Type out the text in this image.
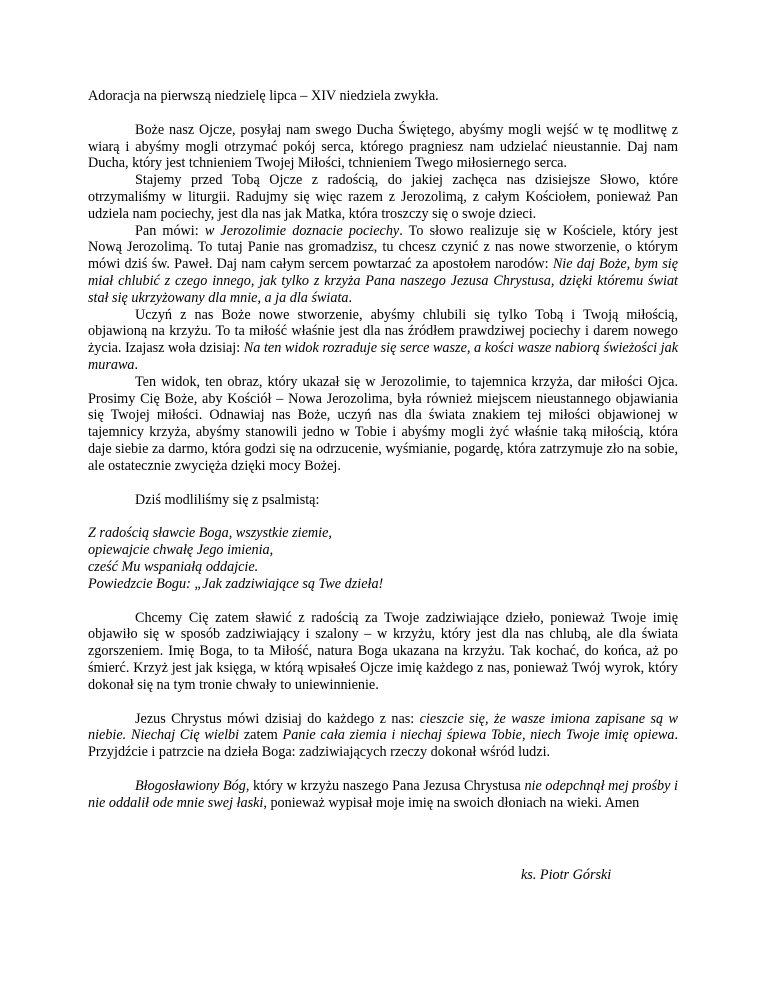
Adoracja na pierwszą niedzielę lipca – XIV niedziela zwykła.

Boże nasz Ojcze, posyłaj nam swego Ducha Świętego, abyśmy mogli wejść w tę modlitwę z wiarą i abyśmy mogli otrzymać pokój serca, którego pragniesz nam udzielać nieustannie. Daj nam Ducha, który jest tchnieniem Twojej Miłości, tchnieniem Twego miłosiernego serca.

Stajemy przed Tobą Ojcze z radością, do jakiej zachęca nas dzisiejsze Słowo, które otrzymaliśmy w liturgii. Radujmy się więc razem z Jerozolimą, z całym Kościołem, ponieważ Pan udziela nam pociechy, jest dla nas jak Matka, która troszczy się o swoje dzieci.

Pan mówi: w Jerozolimie doznacie pociechy. To słowo realizuje się w Kościele, który jest Nową Jerozolimą. To tutaj Panie nas gromadzisz, tu chcesz czynić z nas nowe stworzenie, o którym mówi dziś św. Paweł. Daj nam całym sercem powtarzać za apostołem narodów: Nie daj Boże, bym się miał chlubić z czego innego, jak tylko z krzyża Pana naszego Jezusa Chrystusa, dzięki któremu świat stał się ukrzyżowany dla mnie, a ja dla świata.

Uczyń z nas Boże nowe stworzenie, abyśmy chlubili się tylko Tobą i Twoją miłością, objawioną na krzyżu. To ta miłość właśnie jest dla nas źródłem prawdziwej pociechy i darem nowego życia. Izajasz woła dzisiaj: Na ten widok rozraduje się serce wasze, a kości wasze nabiorą świeżości jak murawa.

Ten widok, ten obraz, który ukazał się w Jerozolimie, to tajemnica krzyża, dar miłości Ojca. Prosimy Cię Boże, aby Kościół – Nowa Jerozolima, była również miejscem nieustannego objawiania się Twojej miłości. Odnawiaj nas Boże, uczyń nas dla świata znakiem tej miłości objawionej w tajemnicy krzyża, abyśmy stanowili jedno w Tobie i abyśmy mogli żyć właśnie taką miłością, która daje siebie za darmo, która godzi się na odrzucenie, wyśmianie, pogardę, która zatrzymuje zło na sobie, ale ostatecznie zwycięża dzięki mocy Bożej.

Dziś modliliśmy się z psalmistą:

Z radością sławcie Boga, wszystkie ziemie,
opiewajcie chwałę Jego imienia,
cześć Mu wspaniałą oddajcie.
Powiedzcie Bogu: „Jak zadziwiające są Twe dzieła!

Chcemy Cię zatem sławić z radością za Twoje zadziwiające dzieło, ponieważ Twoje imię objawiło się w sposób zadziwiający i szalony – w krzyżu, który jest dla nas chlubą, ale dla świata zgorszeniem. Imię Boga, to ta Miłość, natura Boga ukazana na krzyżu. Tak kochać, do końca, aż po śmierć. Krzyż jest jak księga, w którą wpisałeś Ojcze imię każdego z nas, ponieważ Twój wyrok, który dokonał się na tym tronie chwały to uniewinnienie.

Jezus Chrystus mówi dzisiaj do każdego z nas: cieszcie się, że wasze imiona zapisane są w niebie. Niechaj Cię wielbi zatem Panie cała ziemia i niechaj śpiewa Tobie, niech Twoje imię opiewa. Przyjdźcie i patrzcie na dzieła Boga: zadziwiających rzeczy dokonał wśród ludzi.

Błogosławiony Bóg, który w krzyżu naszego Pana Jezusa Chrystusa nie odepchnął mej prośby i nie oddalił ode mnie swej łaski, ponieważ wypisał moje imię na swoich dłoniach na wieki. Amen

ks. Piotr Górski
